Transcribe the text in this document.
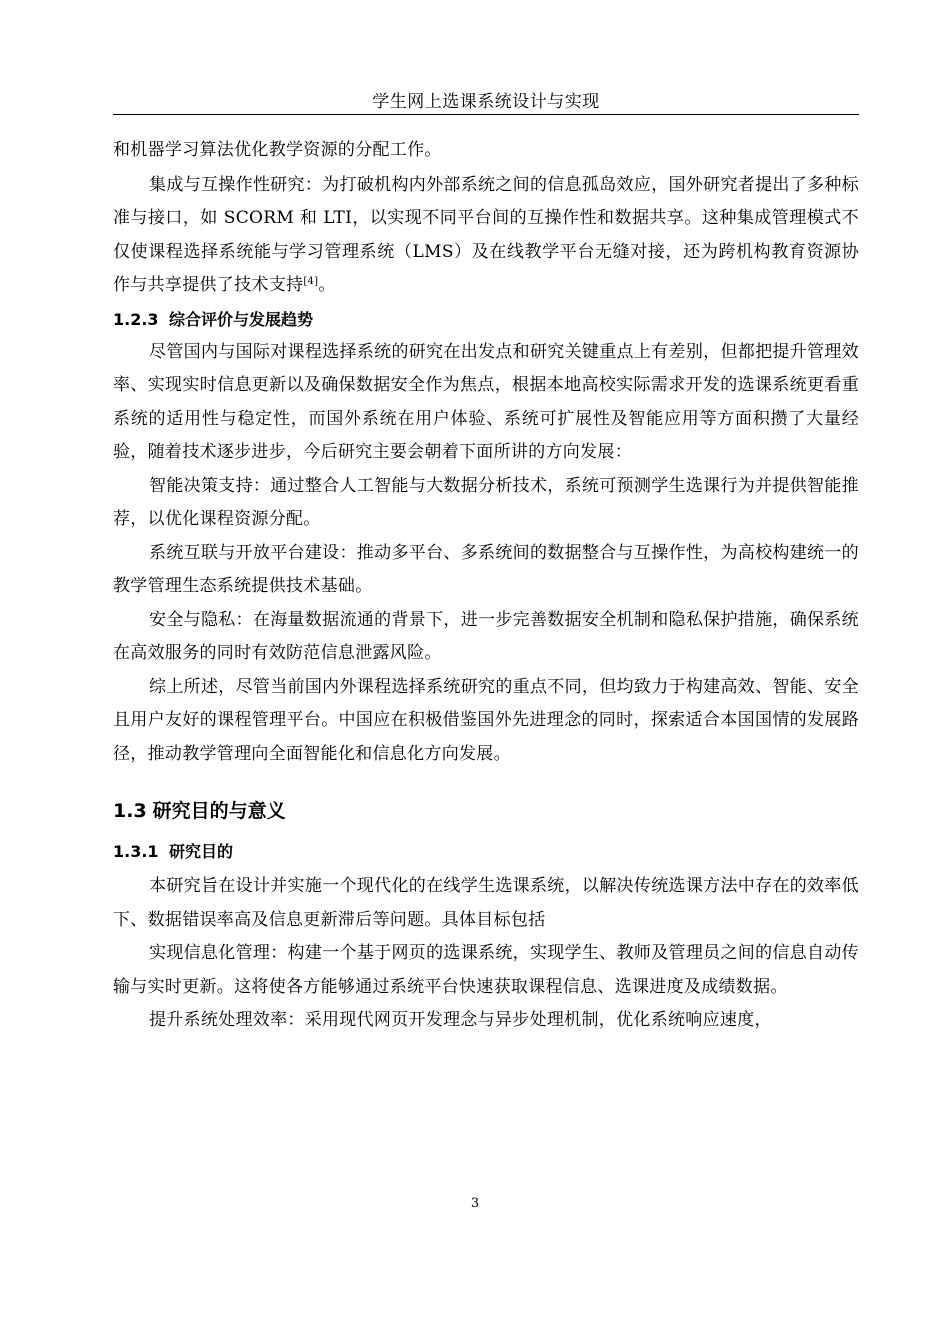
学生网上选课系统设计与实现

和机器学习算法优化教学资源的分配工作。

集成与互操作性研究：为打破机构内外部系统之间的信息孤岛效应，国外研究者提出了多种标准与接口，如 SCORM 和 LTI，以实现不同平台间的互操作性和数据共享。这种集成管理模式不仅使课程选择系统能与学习管理系统（LMS）及在线教学平台无缝对接，还为跨机构教育资源协作与共享提供了技术支持[4]。

1.2.3 综合评价与发展趋势

尽管国内与国际对课程选择系统的研究在出发点和研究关键重点上有差别，但都把提升管理效率、实现实时信息更新以及确保数据安全作为焦点，根据本地高校实际需求开发的选课系统更看重系统的适用性与稳定性，而国外系统在用户体验、系统可扩展性及智能应用等方面积攒了大量经验，随着技术逐步进步，今后研究主要会朝着下面所讲的方向发展：

智能决策支持：通过整合人工智能与大数据分析技术，系统可预测学生选课行为并提供智能推荐，以优化课程资源分配。

系统互联与开放平台建设：推动多平台、多系统间的数据整合与互操作性，为高校构建统一的教学管理生态系统提供技术基础。

安全与隐私：在海量数据流通的背景下，进一步完善数据安全机制和隐私保护措施，确保系统在高效服务的同时有效防范信息泄露风险。

综上所述，尽管当前国内外课程选择系统研究的重点不同，但均致力于构建高效、智能、安全且用户友好的课程管理平台。中国应在积极借鉴国外先进理念的同时，探索适合本国国情的发展路径，推动教学管理向全面智能化和信息化方向发展。

1.3 研究目的与意义
1.3.1 研究目的

本研究旨在设计并实施一个现代化的在线学生选课系统，以解决传统选课方法中存在的效率低下、数据错误率高及信息更新滞后等问题。具体目标包括

实现信息化管理：构建一个基于网页的选课系统，实现学生、教师及管理员之间的信息自动传输与实时更新。这将使各方能够通过系统平台快速获取课程信息、选课进度及成绩数据。

提升系统处理效率：采用现代网页开发理念与异步处理机制，优化系统响应速度，

3
